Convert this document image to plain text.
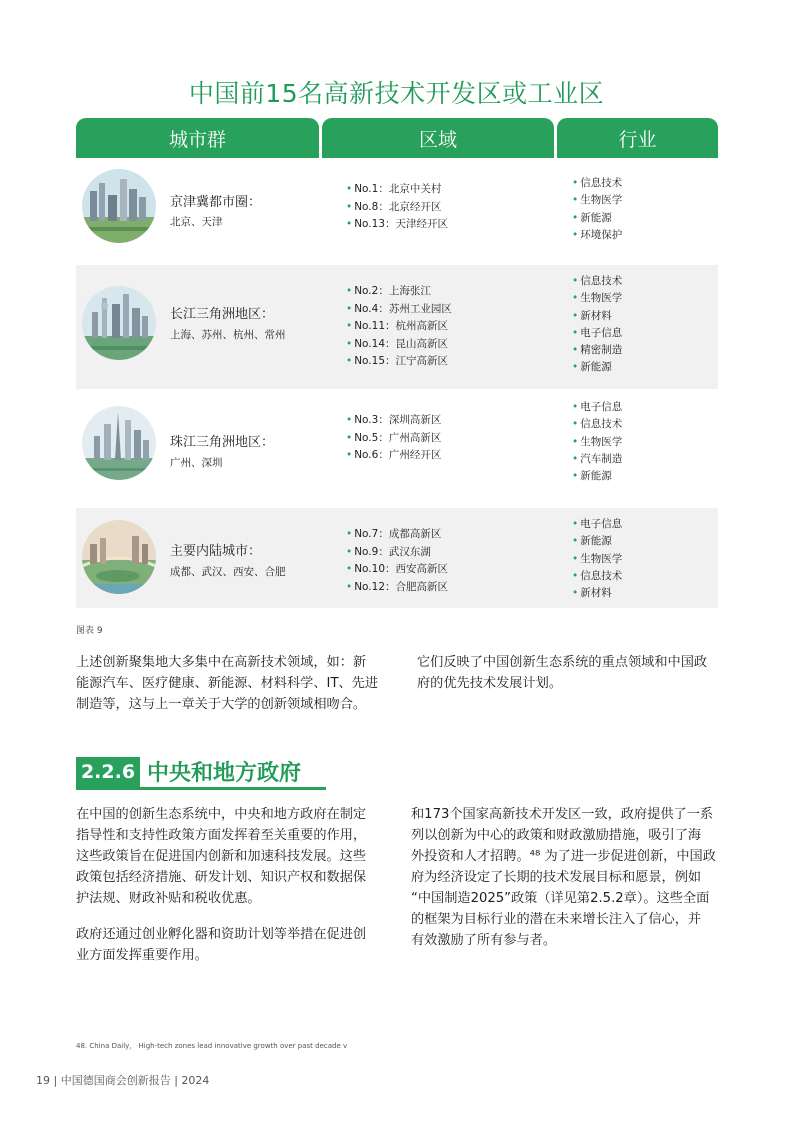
中国前15名高新技术开发区或工业区
城市群	区域	行业
京津冀都市圈：
北京、天津
• No.1：北京中关村
• No.8：北京经开区
• No.13：天津经开区
• 信息技术
• 生物医学
• 新能源
• 环境保护
长江三角洲地区：
上海、苏州、杭州、常州
• No.2：上海张江
• No.4：苏州工业园区
• No.11：杭州高新区
• No.14：昆山高新区
• No.15：江宁高新区
• 信息技术
• 生物医学
• 新材料
• 电子信息
• 精密制造
• 新能源
珠江三角洲地区：
广州、深圳
• No.3：深圳高新区
• No.5：广州高新区
• No.6：广州经开区
• 电子信息
• 信息技术
• 生物医学
• 汽车制造
• 新能源
主要内陆城市：
成都、武汉、西安、合肥
• No.7：成都高新区
• No.9：武汉东湖
• No.10：西安高新区
• No.12：合肥高新区
• 电子信息
• 新能源
• 生物医学
• 信息技术
• 新材料
图表 9
上述创新聚集地大多集中在高新技术领域，如：新
能源汽车、医疗健康、新能源、材料科学、IT、先进
制造等，这与上一章关于大学的创新领域相吻合。
它们反映了中国创新生态系统的重点领域和中国政
府的优先技术发展计划。
2.2.6 中央和地方政府
在中国的创新生态系统中，中央和地方政府在制定
指导性和支持性政策方面发挥着至关重要的作用，
这些政策旨在促进国内创新和加速科技发展。这些
政策包括经济措施、研发计划、知识产权和数据保
护法规、财政补贴和税收优惠。
政府还通过创业孵化器和资助计划等举措在促进创
业方面发挥重要作用。
和173个国家高新技术开发区一致，政府提供了一系
列以创新为中心的政策和财政激励措施，吸引了海
外投资和人才招聘。⁴⁸ 为了进一步促进创新，中国政
府为经济设定了长期的技术发展目标和愿景，例如
“中国制造2025”政策（详见第2.5.2章）。这些全面
的框架为目标行业的潜在未来增长注入了信心，并
有效激励了所有参与者。
48. China Daily， High-tech zones lead innovative growth over past decade v
19 | 中国德国商会创新报告 | 2024
